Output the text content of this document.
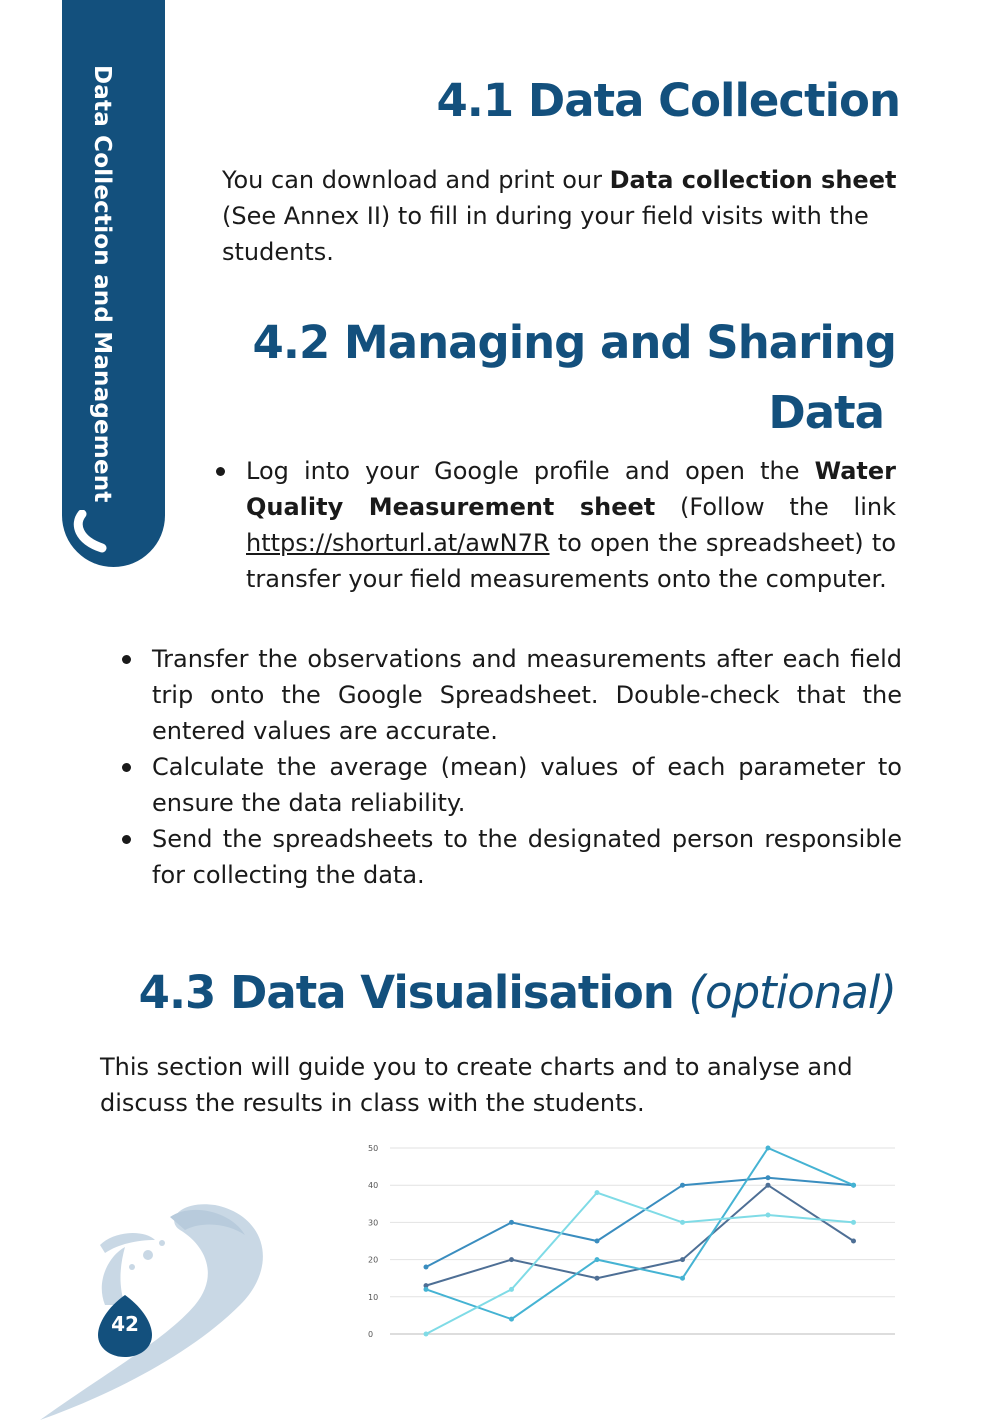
Data Collection and Management	4.1 Data Collection

You can download and print our Data collection sheet (See Annex II) to fill in during your field visits with the students.

4.2 Managing and Sharing
Data
Log into your Google profile and open the Water Quality Measurement sheet (Follow the link https://shorturl.at/awN7R to open the spreadsheet) to transfer your field measurements onto the computer.
Transfer the observations and measurements after each field trip onto the Google Spreadsheet. Double-check that the entered values are accurate.
Calculate the average (mean) values of each parameter to ensure the data reliability.
Send the spreadsheets to the designated person responsible for collecting the data.
4.3 Data Visualisation (optional)

This section will guide you to create charts and to analyse and discuss the results in class with the students.

0
10
20
30
40
50
42
